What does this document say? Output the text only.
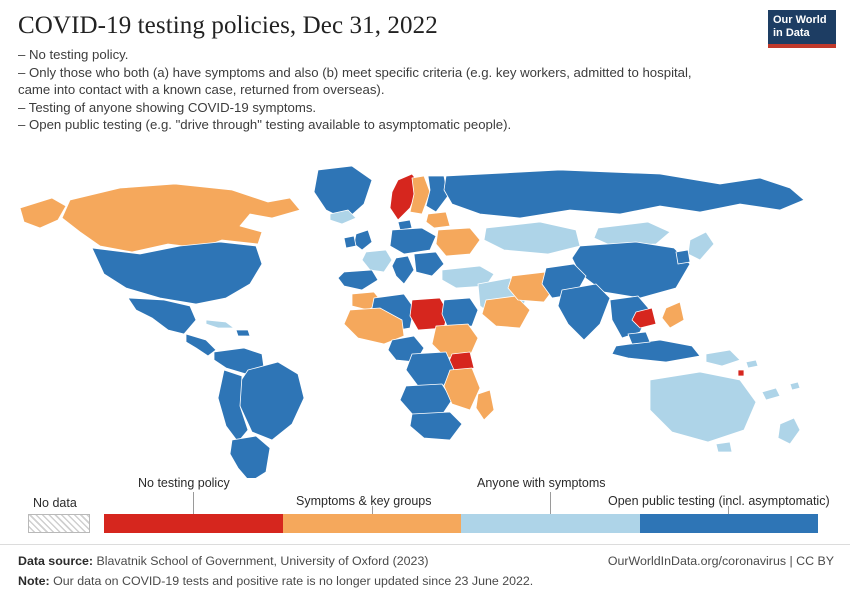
COVID-19 testing policies, Dec 31, 2022
– No testing policy.
– Only those who both (a) have symptoms and also (b) meet specific criteria (e.g. key workers, admitted to hospital, came into contact with a known case, returned from overseas).
– Testing of anyone showing COVID-19 symptoms.
– Open public testing (e.g. "drive through" testing available to asymptomatic people).
Our World
in Data
No data
No testing policy
Symptoms & key groups
Anyone with symptoms
Open public testing (incl. asymptomatic)
Data source: Blavatnik School of Government, University of Oxford (2023)	OurWorldInData.org/coronavirus | CC BY
Note: Our data on COVID-19 tests and positive rate is no longer updated since 23 June 2022.
